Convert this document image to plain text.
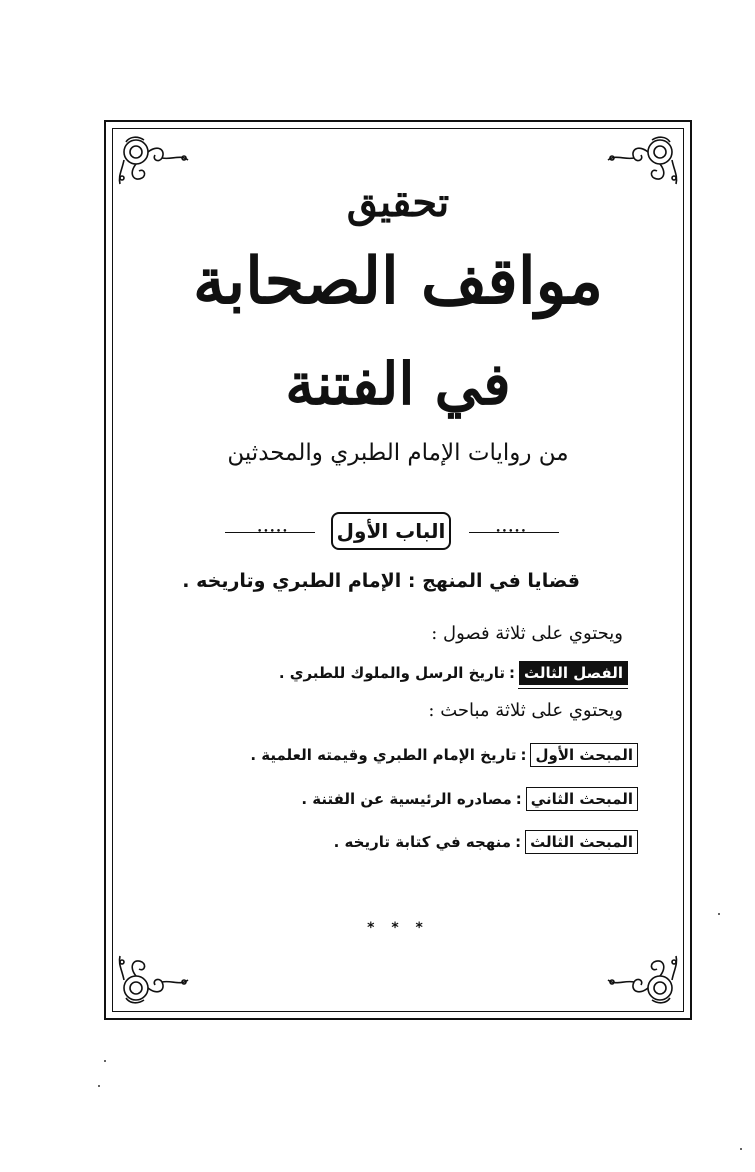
تحقيق
مواقف الصحابة
في الفتنة
من روايات الإمام الطبري والمحدثين
••••• الباب الأول	•••••
قضايا في المنهج : الإمام الطبري وتاريخه .
ويحتوي على ثلاثة فصول :
الفصل الثالث:تاريخ الرسل والملوك للطبري .
ويحتوي على ثلاثة مباحث :
المبحث الأول:تاريخ الإمام الطبري وقيمته العلمية .
المبحث الثاني:مصادره الرئيسية عن الفتنة .
المبحث الثالث:منهجه في كتابة تاريخه .
* * *
